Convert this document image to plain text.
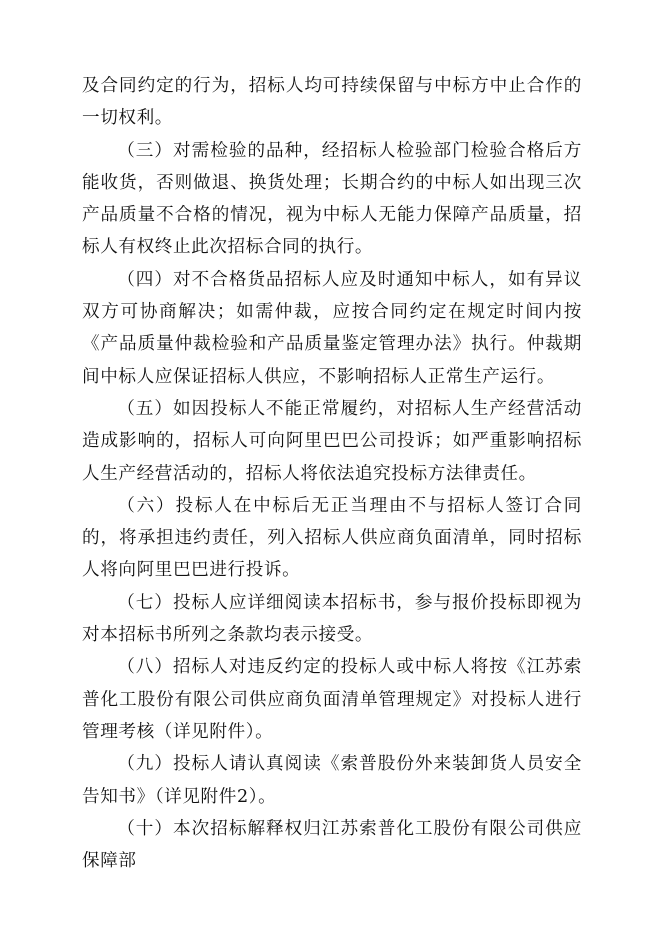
及合同约定的行为，招标人均可持续保留与中标方中止合作的一切权利。

（三）对需检验的品种，经招标人检验部门检验合格后方能收货，否则做退、换货处理；长期合约的中标人如出现三次产品质量不合格的情况，视为中标人无能力保障产品质量，招标人有权终止此次招标合同的执行。

（四）对不合格货品招标人应及时通知中标人，如有异议双方可协商解决；如需仲裁，应按合同约定在规定时间内按《产品质量仲裁检验和产品质量鉴定管理办法》执行。仲裁期间中标人应保证招标人供应，不影响招标人正常生产运行。

（五）如因投标人不能正常履约，对招标人生产经营活动造成影响的，招标人可向阿里巴巴公司投诉；如严重影响招标人生产经营活动的，招标人将依法追究投标方法律责任。

（六）投标人在中标后无正当理由不与招标人签订合同的，将承担违约责任，列入招标人供应商负面清单，同时招标人将向阿里巴巴进行投诉。

（七）投标人应详细阅读本招标书，参与报价投标即视为对本招标书所列之条款均表示接受。

（八）招标人对违反约定的投标人或中标人将按《江苏索普化工股份有限公司供应商负面清单管理规定》对投标人进行管理考核（详见附件）。

（九）投标人请认真阅读《索普股份外来装卸货人员安全告知书》（详见附件2）。

（十）本次招标解释权归江苏索普化工股份有限公司供应保障部
